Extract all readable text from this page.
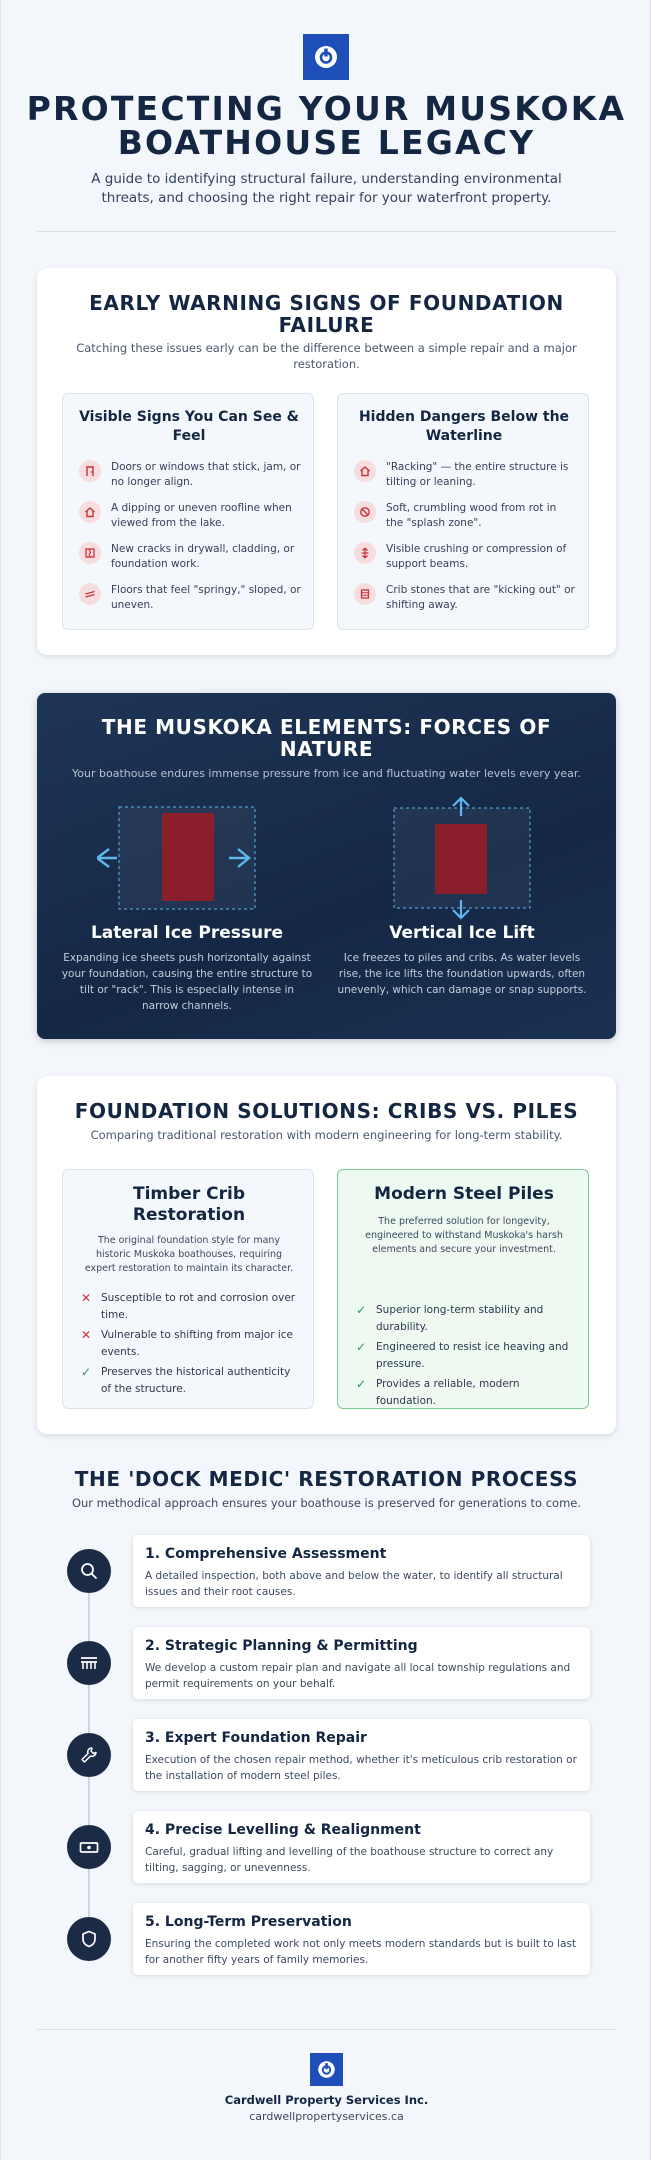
PROTECTING YOUR MUSKOKA
BOATHOUSE LEGACY
A guide to identifying structural failure, understanding environmental threats, and choosing the right repair for your waterfront property.
EARLY WARNING SIGNS OF FOUNDATION FAILURE
Catching these issues early can be the difference between a simple repair and a major restoration.
Visible Signs You Can See & Feel
Doors or windows that stick, jam, or no longer align.
A dipping or uneven roofline when viewed from the lake.
New cracks in drywall, cladding, or foundation work.
Floors that feel "springy," sloped, or uneven.
Hidden Dangers Below the Waterline
"Racking" — the entire structure is tilting or leaning.
Soft, crumbling wood from rot in the "splash zone".
Visible crushing or compression of support beams.
Crib stones that are "kicking out" or shifting away.
THE MUSKOKA ELEMENTS: FORCES OF NATURE
Your boathouse endures immense pressure from ice and fluctuating water levels every year.
Lateral Ice Pressure
Expanding ice sheets push horizontally against your foundation, causing the entire structure to tilt or "rack". This is especially intense in narrow channels.
Vertical Ice Lift
Ice freezes to piles and cribs. As water levels rise, the ice lifts the foundation upwards, often unevenly, which can damage or snap supports.
FOUNDATION SOLUTIONS: CRIBS VS. PILES
Comparing traditional restoration with modern engineering for long-term stability.
Timber Crib Restoration
The original foundation style for many historic Muskoka boathouses, requiring expert restoration to maintain its character.
✕ Susceptible to rot and corrosion over time.
✕ Vulnerable to shifting from major ice events.
✓ Preserves the historical authenticity of the structure.
Modern Steel Piles
The preferred solution for longevity, engineered to withstand Muskoka's harsh elements and secure your investment.
✓ Superior long-term stability and durability.
✓ Engineered to resist ice heaving and pressure.
✓ Provides a reliable, modern foundation.
THE 'DOCK MEDIC' RESTORATION PROCESS
Our methodical approach ensures your boathouse is preserved for generations to come.
1. Comprehensive Assessment
A detailed inspection, both above and below the water, to identify all structural issues and their root causes.
2. Strategic Planning & Permitting
We develop a custom repair plan and navigate all local township regulations and permit requirements on your behalf.
3. Expert Foundation Repair
Execution of the chosen repair method, whether it's meticulous crib restoration or the installation of modern steel piles.
4. Precise Levelling & Realignment
Careful, gradual lifting and levelling of the boathouse structure to correct any tilting, sagging, or unevenness.
5. Long-Term Preservation
Ensuring the completed work not only meets modern standards but is built to last for another fifty years of family memories.
Cardwell Property Services Inc.
cardwellpropertyservices.ca
